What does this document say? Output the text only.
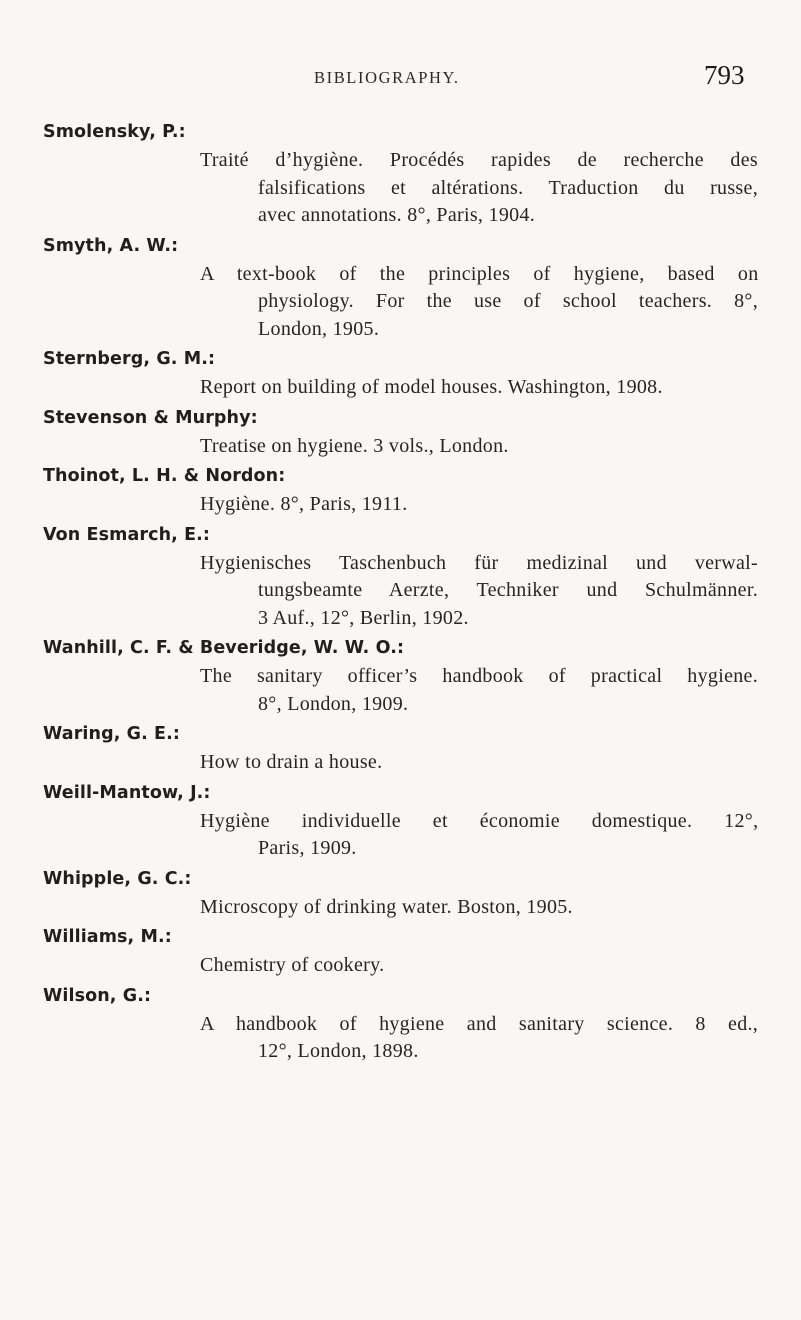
BIBLIOGRAPHY.	793
Smolensky, P.:
Traité d’hygiène. Procédés rapides de recherche des
falsifications et altérations. Traduction du russe,
avec annotations. 8°, Paris, 1904.
Smyth, A. W.:
A text-book of the principles of hygiene, based on
physiology. For the use of school teachers. 8°,
London, 1905.
Sternberg, G. M.:
Report on building of model houses. Washington, 1908.
Stevenson & Murphy:
Treatise on hygiene. 3 vols., London.
Thoinot, L. H. & Nordon:
Hygiène. 8°, Paris, 1911.
Von Esmarch, E.:
Hygienisches Taschenbuch für medizinal und verwal-
tungsbeamte Aerzte, Techniker und Schulmänner.
3 Auf., 12°, Berlin, 1902.
Wanhill, C. F. & Beveridge, W. W. O.:
The sanitary officer’s handbook of practical hygiene.
8°, London, 1909.
Waring, G. E.:
How to drain a house.
Weill-Mantow, J.:
Hygiène individuelle et économie domestique. 12°,
Paris, 1909.
Whipple, G. C.:
Microscopy of drinking water. Boston, 1905.
Williams, M.:
Chemistry of cookery.
Wilson, G.:
A handbook of hygiene and sanitary science. 8 ed.,
12°, London, 1898.
